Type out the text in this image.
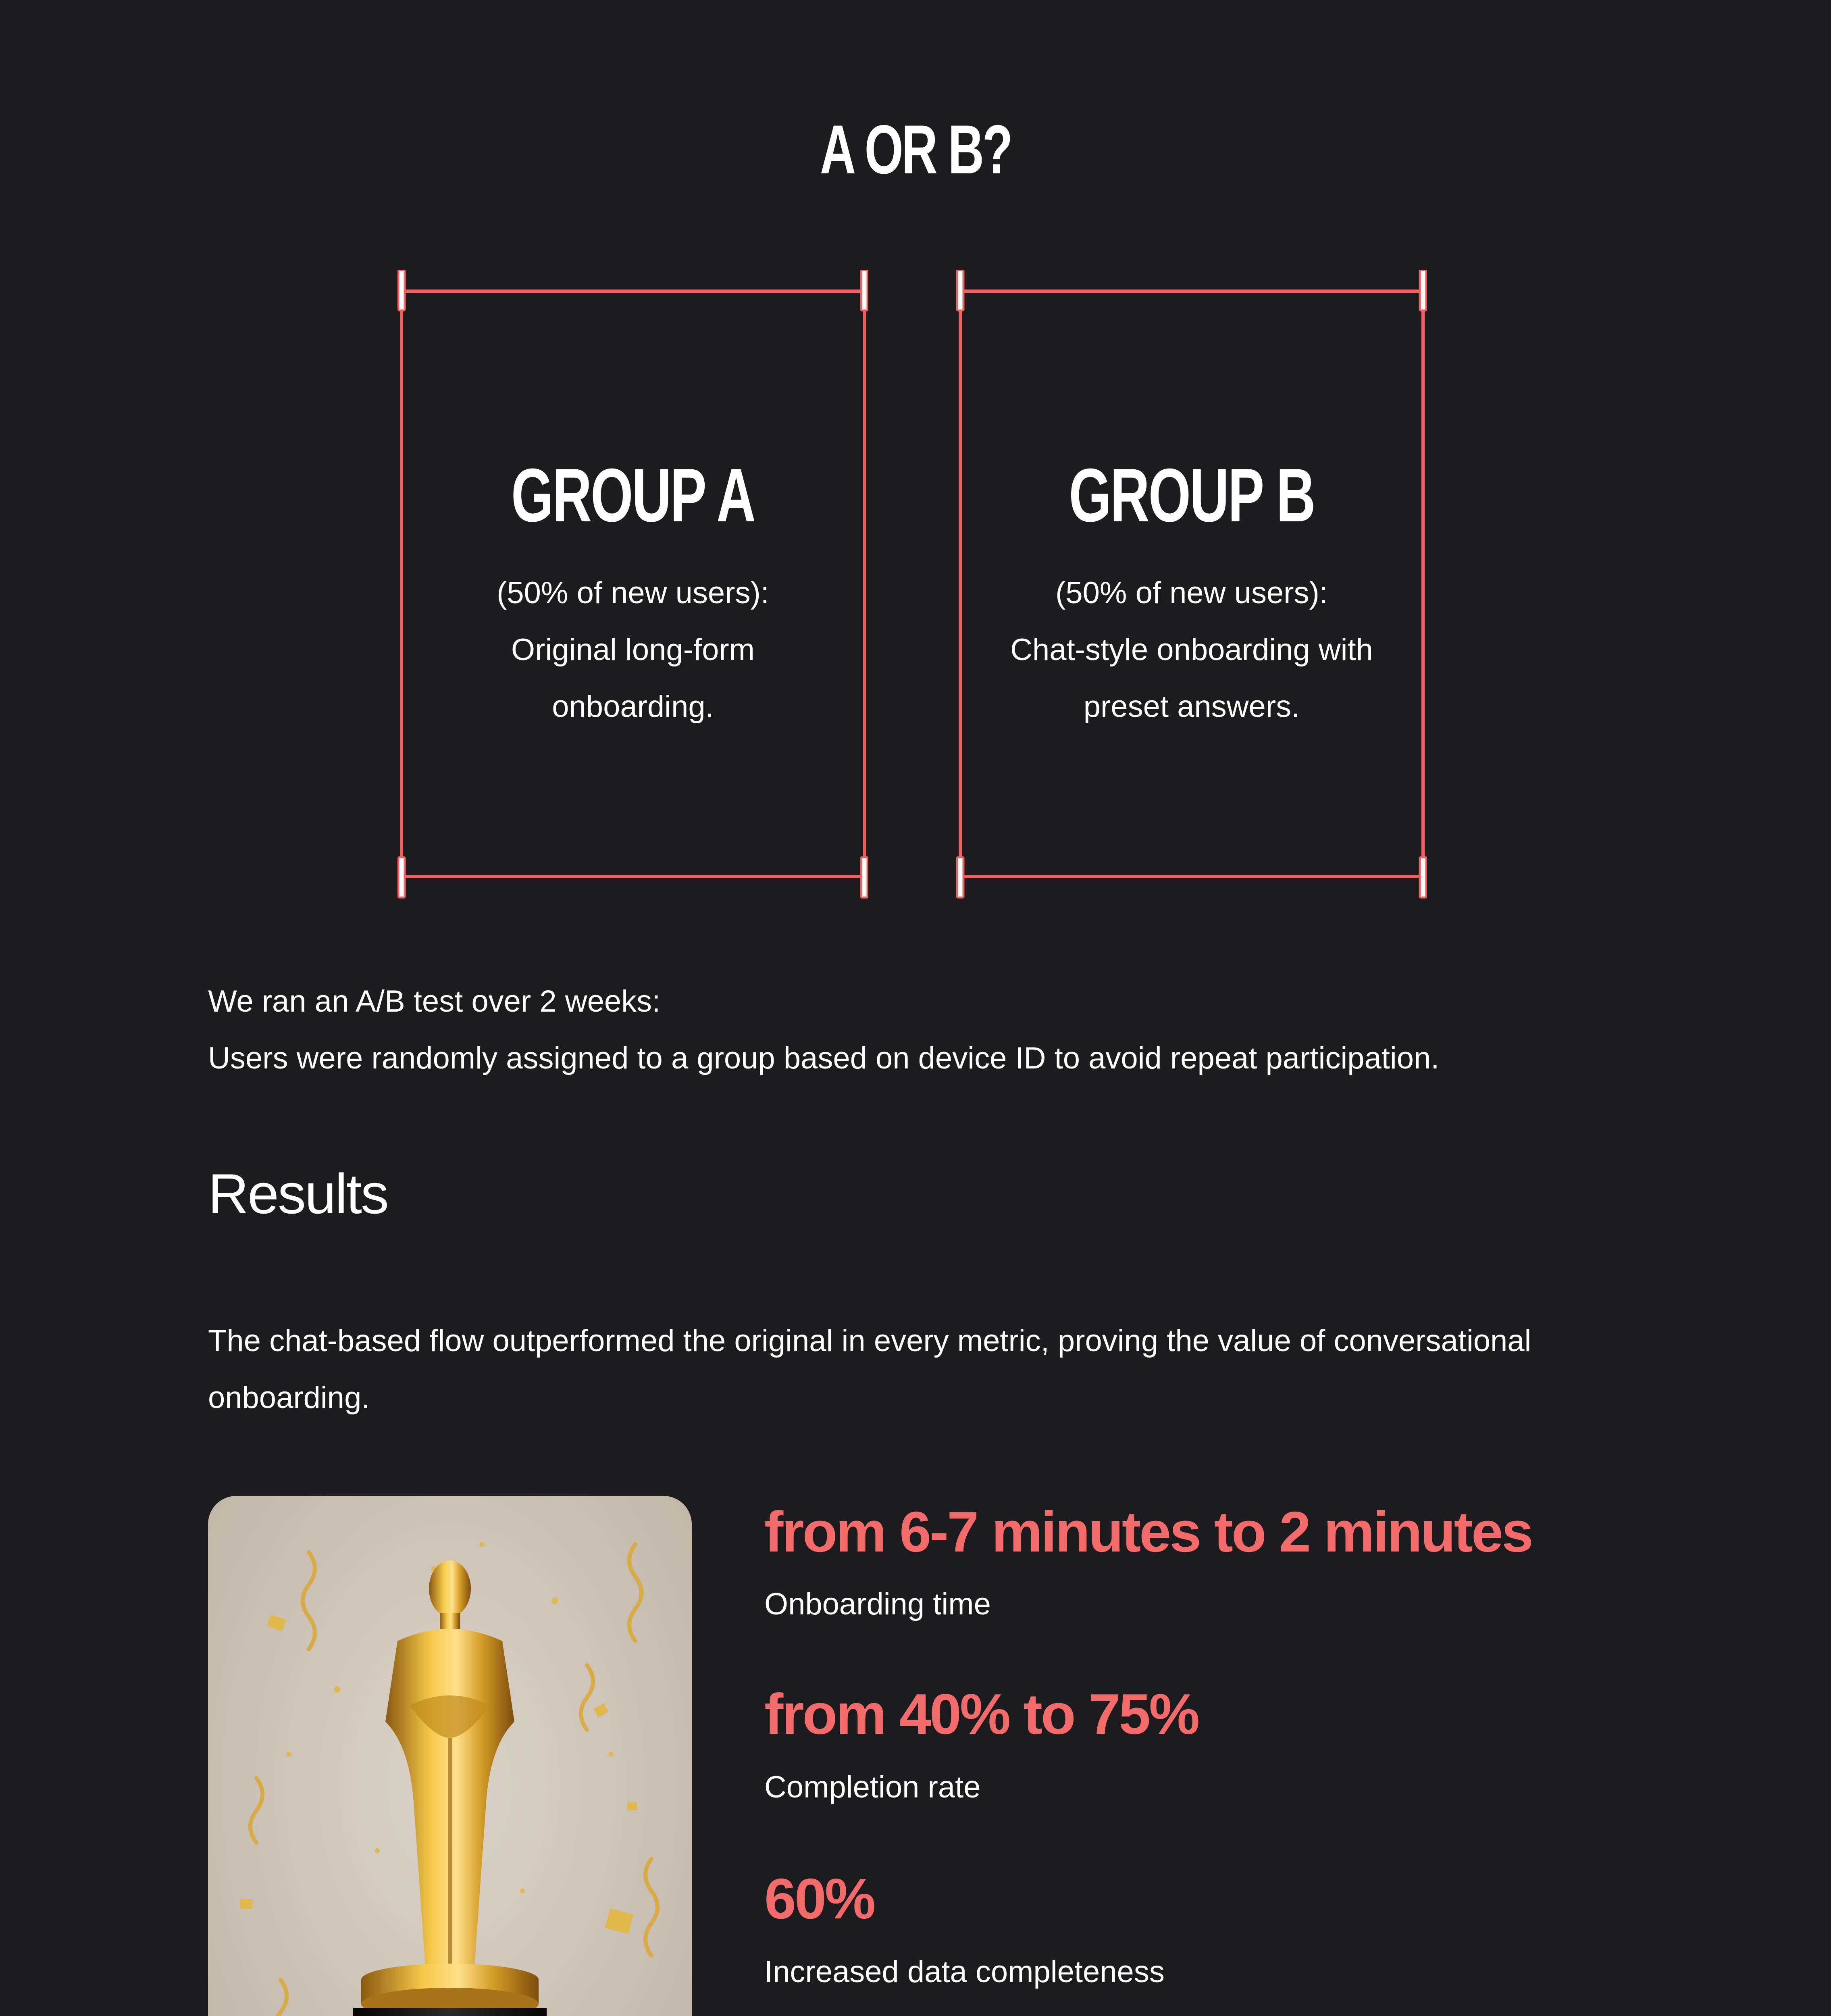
A OR B?
GROUP A
(50% of new users):
Original long-form
onboarding.
GROUP B
(50% of new users):
Chat-style onboarding with
preset answers.
We ran an A/B test over 2 weeks:
Users were randomly assigned to a group based on device ID to avoid repeat participation.
Results
The chat-based flow outperformed the original in every metric, proving the value of conversational
onboarding.
from 6-7 minutes to 2 minutes
Onboarding time
from 40% to 75%
Completion rate
60%
Increased data completeness
